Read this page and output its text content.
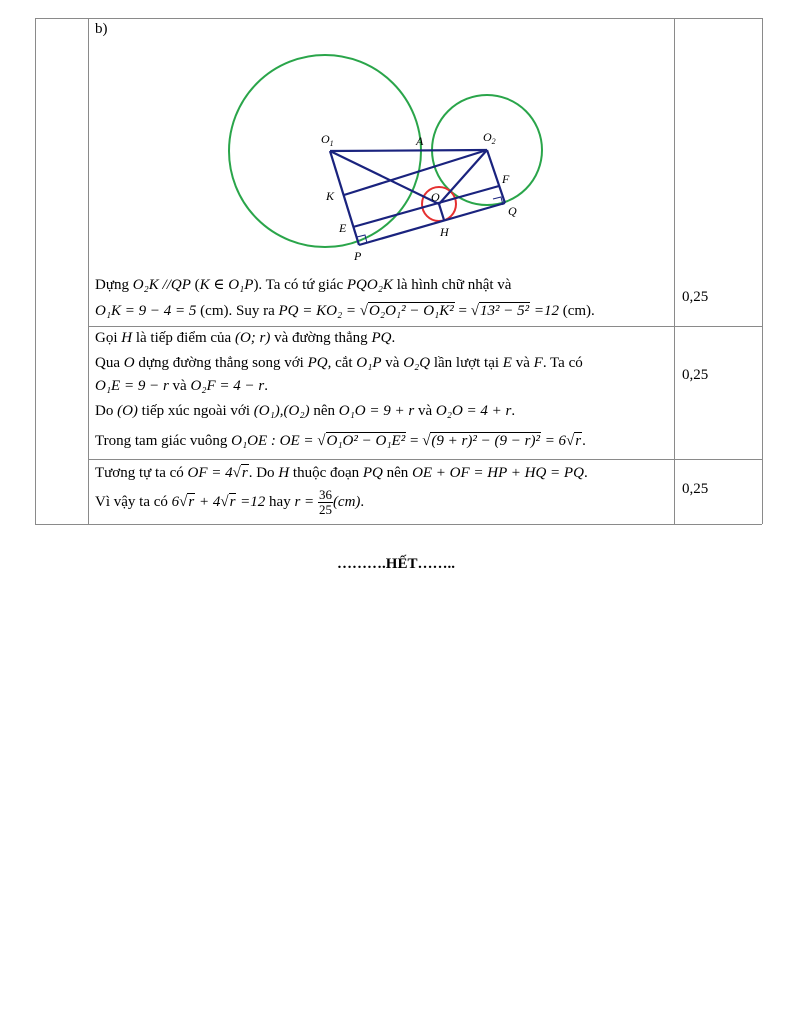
b)
$O_1$	A	$O_2$
K	O
F
Q
E	H
P
Dựng O₂K //QP (K ∈ O₁P). Ta có tứ giác PQO₂K là hình chữ nhật và
O₁K = 9 − 4 = 5 (cm). Suy ra PQ = KO₂ = √O₂O₁² − O₁K² = √13² − 5² =12 (cm).
0,25
Gọi H là tiếp điểm của (O; r) và đường thẳng PQ.
Qua O dựng đường thẳng song với PQ, cắt O₁P và O₂Q lần lượt tại E và F. Ta có
O₁E = 9 − r và O₂F = 4 − r.
Do (O) tiếp xúc ngoài với (O₁),(O₂) nên O₁O = 9 + r và O₂O = 4 + r.
Trong tam giác vuông O₁OE : OE = √O₁O² − O₁E² = √(9 + r)² − (9 − r)² = 6√r.
0,25
Tương tự ta có OF = 4√r. Do H thuộc đoạn PQ nên OE + OF = HP + HQ = PQ.
Vì vậy ta có 6√r + 4√r =12 hay $r = \frac{36}{25} (cm)$.
0,25
……….HẾT……..
